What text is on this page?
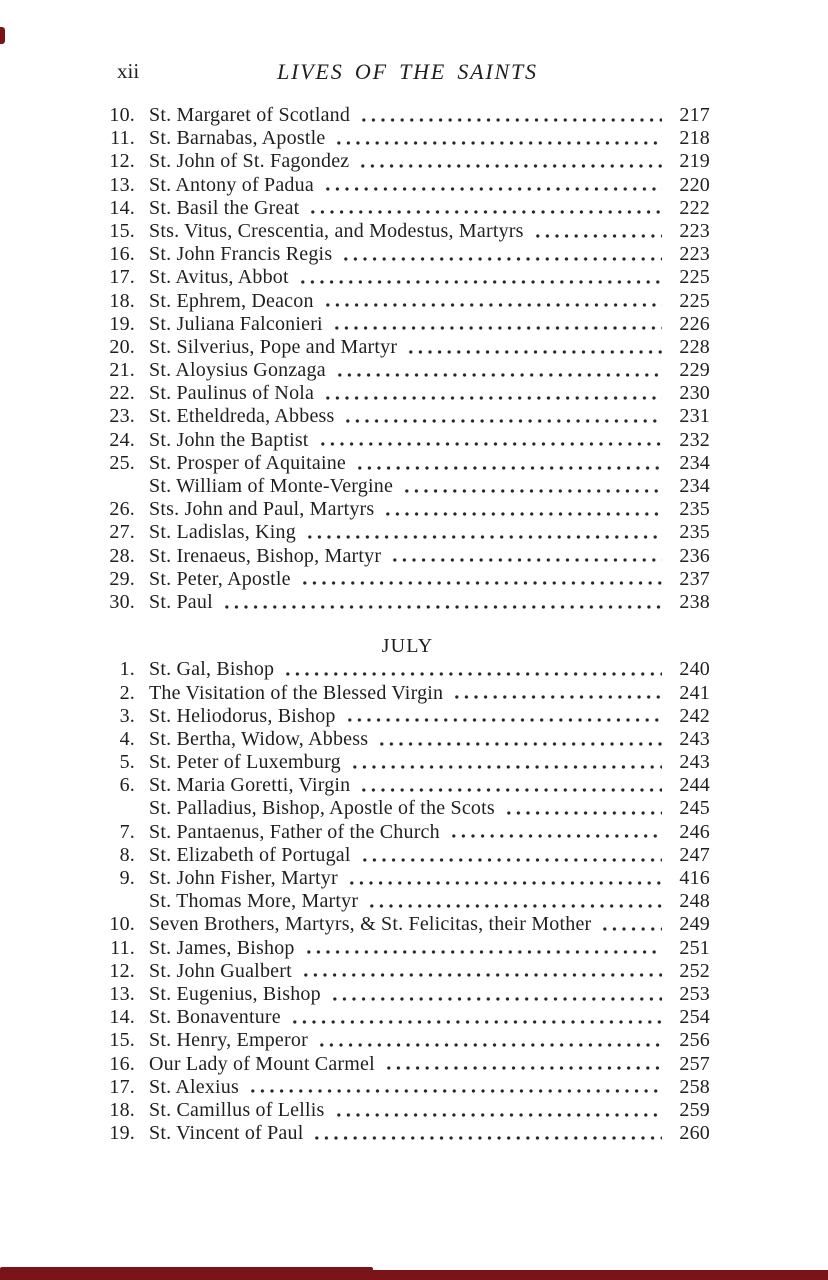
xii	LIVES OF THE SAINTS
10. St. Margaret of Scotland	217
11. St. Barnabas, Apostle	218
12. St. John of St. Fagondez	219
13. St. Antony of Padua	220
14. St. Basil the Great	222
15. Sts. Vitus, Crescentia, and Modestus, Martyrs	223
16. St. John Francis Regis	223
17. St. Avitus, Abbot	225
18. St. Ephrem, Deacon	225
19. St. Juliana Falconieri	226
20. St. Silverius, Pope and Martyr	228
21. St. Aloysius Gonzaga	229
22. St. Paulinus of Nola	230
23. St. Etheldreda, Abbess	231
24. St. John the Baptist	232
25. St. Prosper of Aquitaine	234
St. William of Monte-Vergine	234
26. Sts. John and Paul, Martyrs	235
27. St. Ladislas, King	235
28. St. Irenaeus, Bishop, Martyr	236
29. St. Peter, Apostle	237
30. St. Paul	238
JULY
1. St. Gal, Bishop	240
2. The Visitation of the Blessed Virgin	241
3. St. Heliodorus, Bishop	242
4. St. Bertha, Widow, Abbess	243
5. St. Peter of Luxemburg	243
6. St. Maria Goretti, Virgin	244
St. Palladius, Bishop, Apostle of the Scots	245
7. St. Pantaenus, Father of the Church	246
8. St. Elizabeth of Portugal	247
9. St. John Fisher, Martyr	416
St. Thomas More, Martyr	248
10. Seven Brothers, Martyrs, & St. Felicitas, their Mother	249
11. St. James, Bishop	251
12. St. John Gualbert	252
13. St. Eugenius, Bishop	253
14. St. Bonaventure	254
15. St. Henry, Emperor	256
16. Our Lady of Mount Carmel	257
17. St. Alexius	258
18. St. Camillus of Lellis	259
19. St. Vincent of Paul	260
